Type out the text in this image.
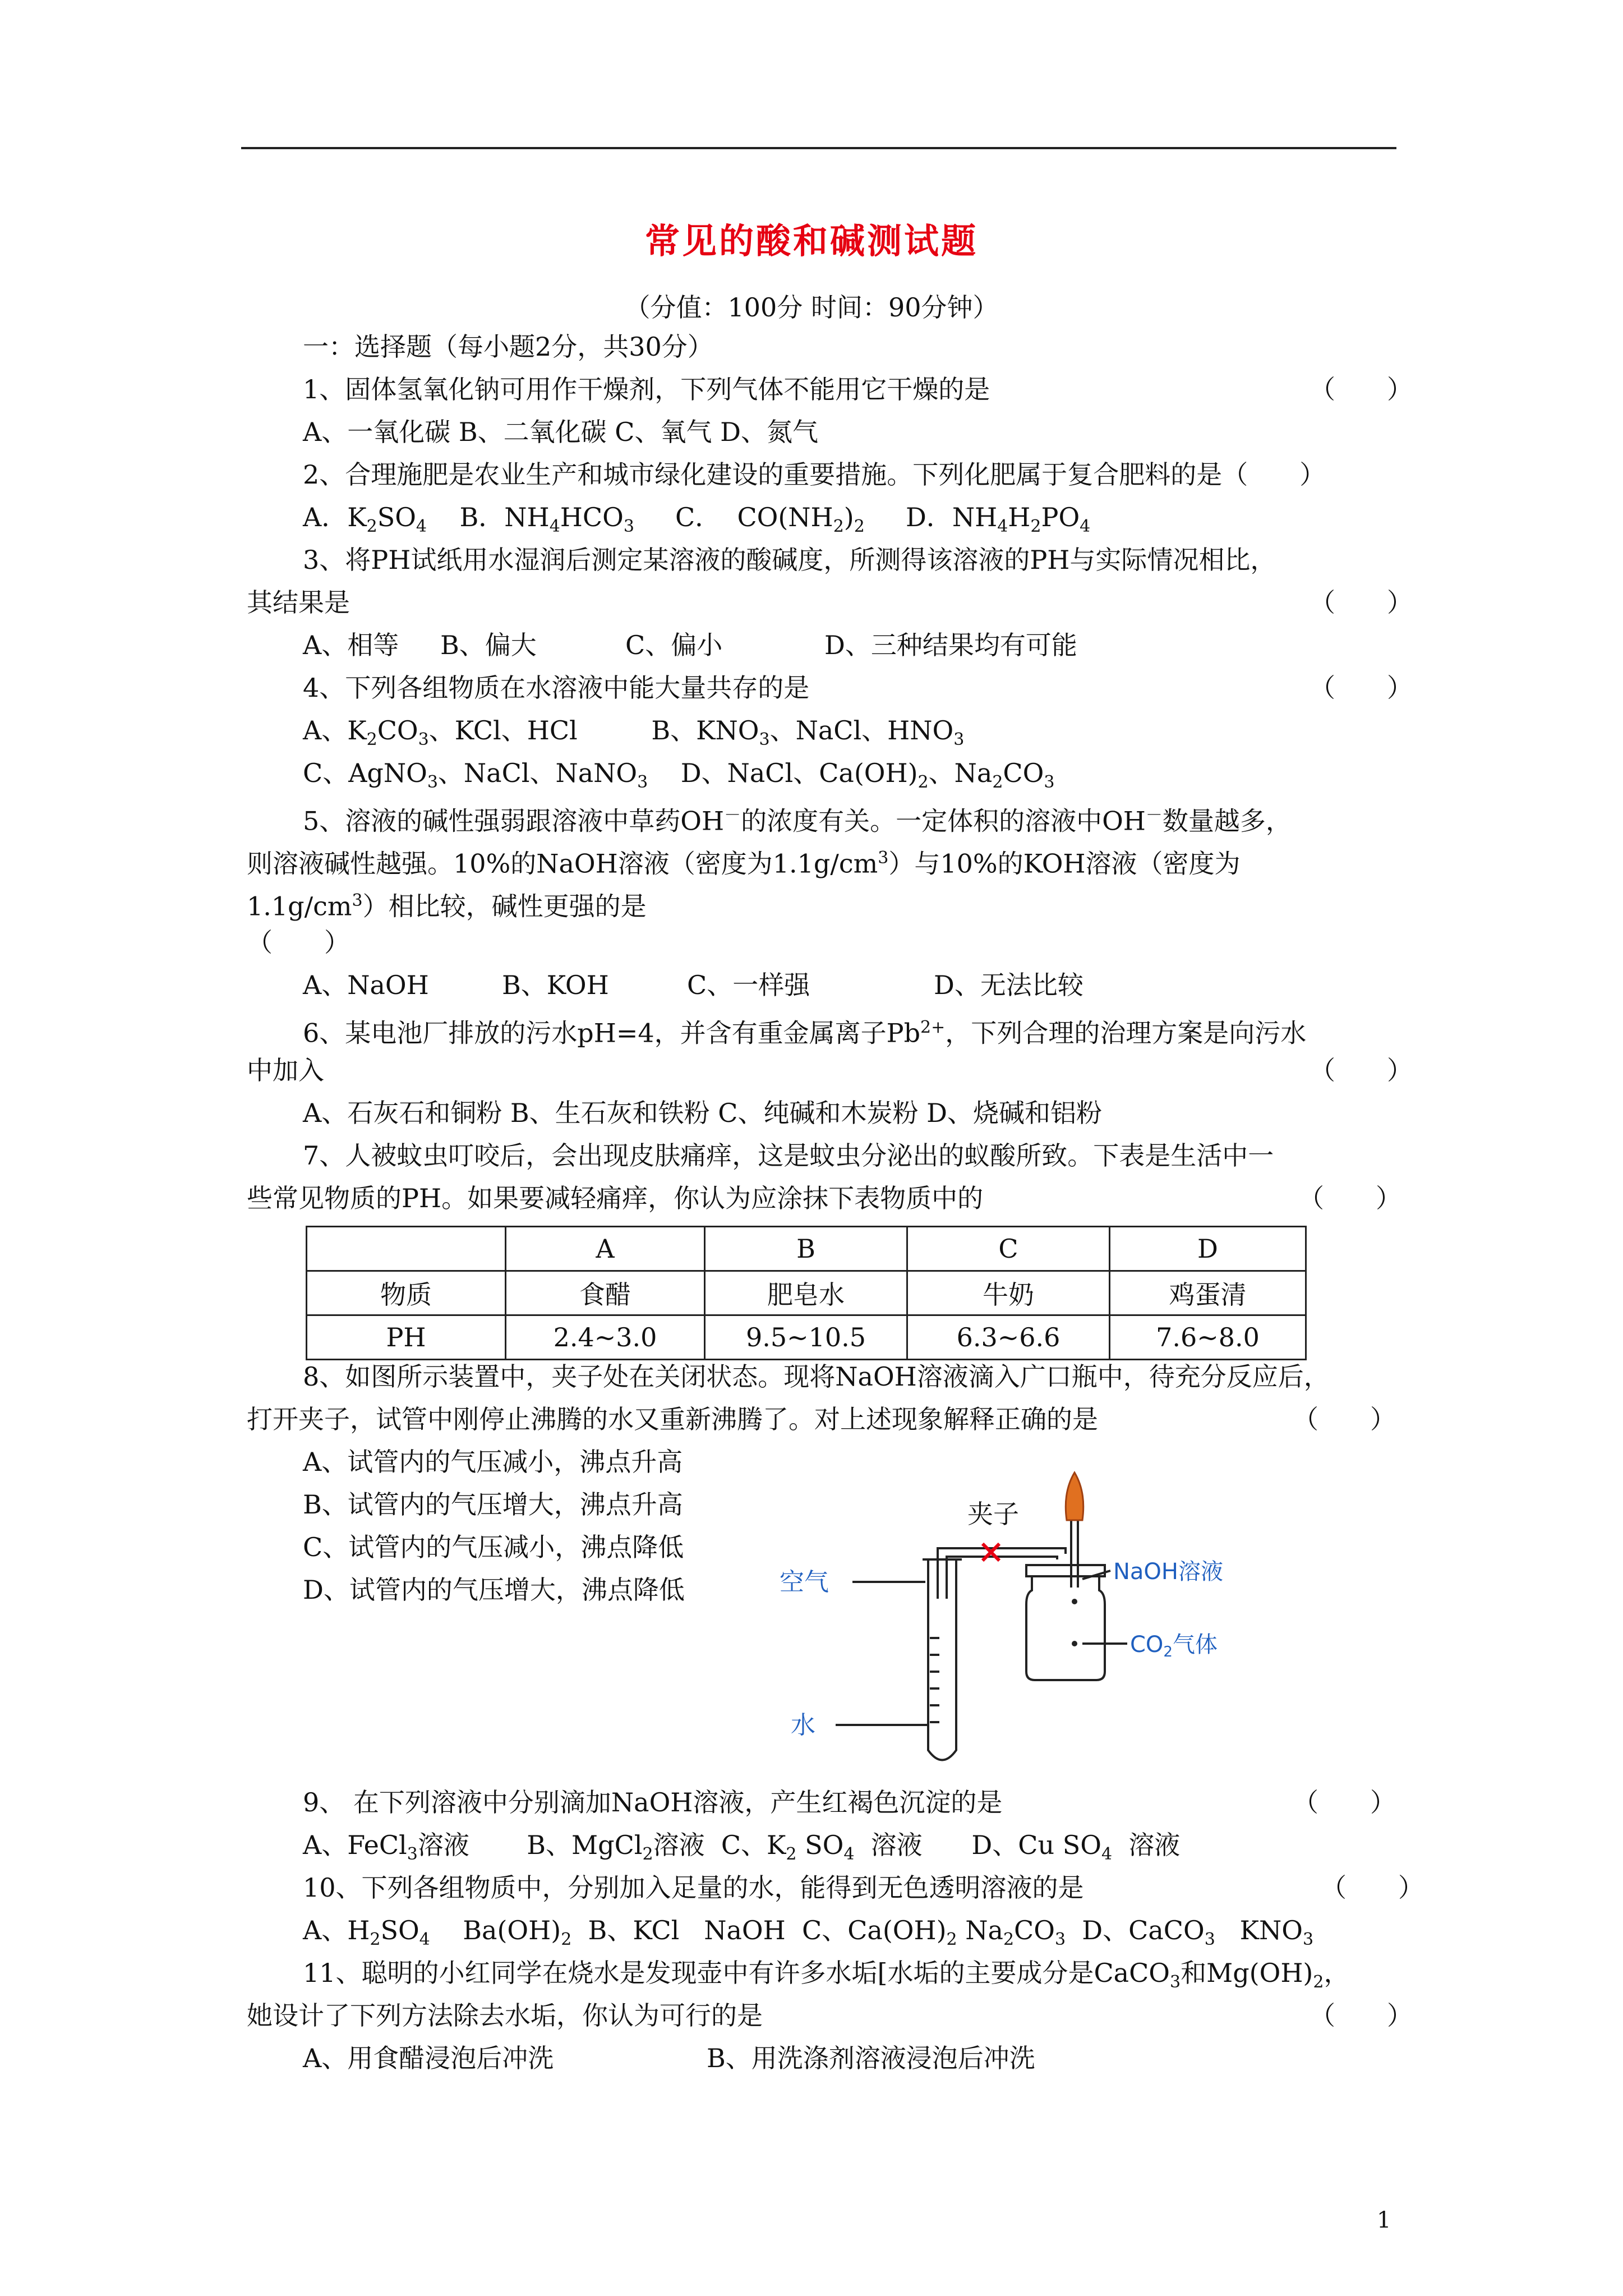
常见的酸和碱测试题
（分值：100分 时间：90分钟）
一：选择题（每小题2分，共30分）
1、固体氢氧化钠可用作干燥剂，下列气体不能用它干燥的是	（　　）
A、一氧化碳 B、二氧化碳 C、氧气 D、氮气
2、合理施肥是农业生产和城市绿化建设的重要措施。下列化肥属于复合肥料的是（　　）
A．$K_2SO_4$    B．$NH_4HCO_3$     C．  $CO(NH_2)_2$     D．$NH_4H_2PO_4$
3、将PH试纸用水湿润后测定某溶液的酸碱度，所测得该溶液的PH与实际情况相比，
其结果是	（　　）
A、相等 B、偏大	C、偏小	D、三种结果均有可能
4、下列各组物质在水溶液中能大量共存的是	（　　）
A、$K_2CO_3$、KCl、HCl         B、$KNO_3$、NaCl、$HNO_3$
C、AgNO$_3$、NaCl、NaNO$_3$    D、NaCl、$Ca(OH)_2$、$Na_2CO_3$
5、溶液的碱性强弱跟溶液中草药OH－的浓度有关。一定体积的溶液中OH－数量越多，
则溶液碱性越强。10%的NaOH溶液（密度为$1.1g/cm^3$）与10%的KOH溶液（密度为
$1.1g/cm^3$）相比较，碱性更强的是
（　　）
A、NaOH	B、KOH	C、一样强	D、无法比较
6、某电池厂排放的污水pH=4，并含有重金属离子$Pb^{2+}$，下列合理的治理方案是向污水
中加入	（　　）
A、石灰石和铜粉 B、生石灰和铁粉 C、纯碱和木炭粉 D、烧碱和铝粉
7、人被蚊虫叮咬后，会出现皮肤痛痒，这是蚊虫分泌出的蚁酸所致。下表是生活中一
些常见物质的PH。如果要减轻痛痒，你认为应涂抹下表物质中的	（　　）
	A	B	C	D
物质	食醋	肥皂水	牛奶	鸡蛋清
PH	2.4~3.0	9.5~10.5	6.3~6.6	7.6~8.0
8、如图所示装置中，夹子处在关闭状态。现将NaOH溶液滴入广口瓶中，待充分反应后，
打开夹子，试管中刚停止沸腾的水又重新沸腾了。对上述现象解释正确的是	（　　）
A、试管内的气压减小，沸点升高
B、试管内的气压增大，沸点升高
C、试管内的气压减小，沸点降低
D、试管内的气压增大，沸点降低
夹子
空气
水
NaOH溶液
$CO_2$气体
9、 在下列溶液中分别滴加NaOH溶液，产生红褐色沉淀的是	（　　）
A、FeCl$_3$溶液       B、MgCl$_2$溶液  C、$K_2$ $SO_4$  溶液      D、Cu $SO_4$  溶液
10、下列各组物质中，分别加入足量的水，能得到无色透明溶液的是	（　　）
A、$H_2SO_4$    $Ba(OH)_2$  B、KCl   NaOH  C、$Ca(OH)_2$ $Na_2CO_3$  D、CaCO$_3$   $KNO_3$
11、聪明的小红同学在烧水是发现壶中有许多水垢[水垢的主要成分是CaCO$_3$和$Mg(OH)_2$，
她设计了下列方法除去水垢，你认为可行的是	（　　）
A、用食醋浸泡后冲洗	B、用洗涤剂溶液浸泡后冲洗
1
